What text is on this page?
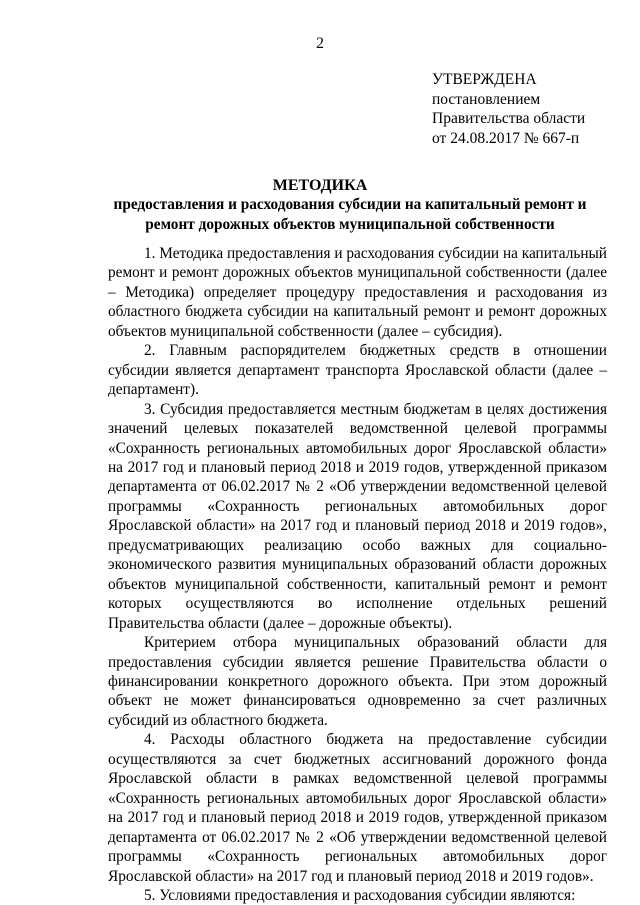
2
УТВЕРЖДЕНА
постановлением
Правительства области
от 24.08.2017 № 667-п
МЕТОДИКА
предоставления и расходования субсидии на капитальный ремонт и ремонт дорожных объектов муниципальной собственности

1. Методика предоставления и расходования субсидии на капитальный ремонт и ремонт дорожных объектов муниципальной собственности (далее – Методика) определяет процедуру предоставления и расходования из областного бюджета субсидии на капитальный ремонт и ремонт дорожных объектов муниципальной собственности (далее – субсидия).

2. Главным распорядителем бюджетных средств в отношении субсидии является департамент транспорта Ярославской области (далее – департамент).

3. Субсидия предоставляется местным бюджетам в целях достижения значений целевых показателей ведомственной целевой программы «Сохранность региональных автомобильных дорог Ярославской области» на 2017 год и плановый период 2018 и 2019 годов, утвержденной приказом департамента от 06.02.2017 № 2 «Об утверждении ведомственной целевой программы «Сохранность региональных автомобильных дорог Ярославской области» на 2017 год и плановый период 2018 и 2019 годов», предусматривающих реализацию особо важных для социально-экономического развития муниципальных образований области дорожных объектов муниципальной собственности, капитальный ремонт и ремонт которых осуществляются во исполнение отдельных решений Правительства области (далее – дорожные объекты).

Критерием отбора муниципальных образований области для предоставления субсидии является решение Правительства области о финансировании конкретного дорожного объекта. При этом дорожный объект не может финансироваться одновременно за счет различных субсидий из областного бюджета.

4. Расходы областного бюджета на предоставление субсидии осуществляются за счет бюджетных ассигнований дорожного фонда Ярославской области в рамках ведомственной целевой программы «Сохранность региональных автомобильных дорог Ярославской области» на 2017 год и плановый период 2018 и 2019 годов, утвержденной приказом департамента от 06.02.2017 № 2 «Об утверждении ведомственной целевой программы «Сохранность региональных автомобильных дорог Ярославской области» на 2017 год и плановый период 2018 и 2019 годов».

5. Условиями предоставления и расходования субсидии являются:
